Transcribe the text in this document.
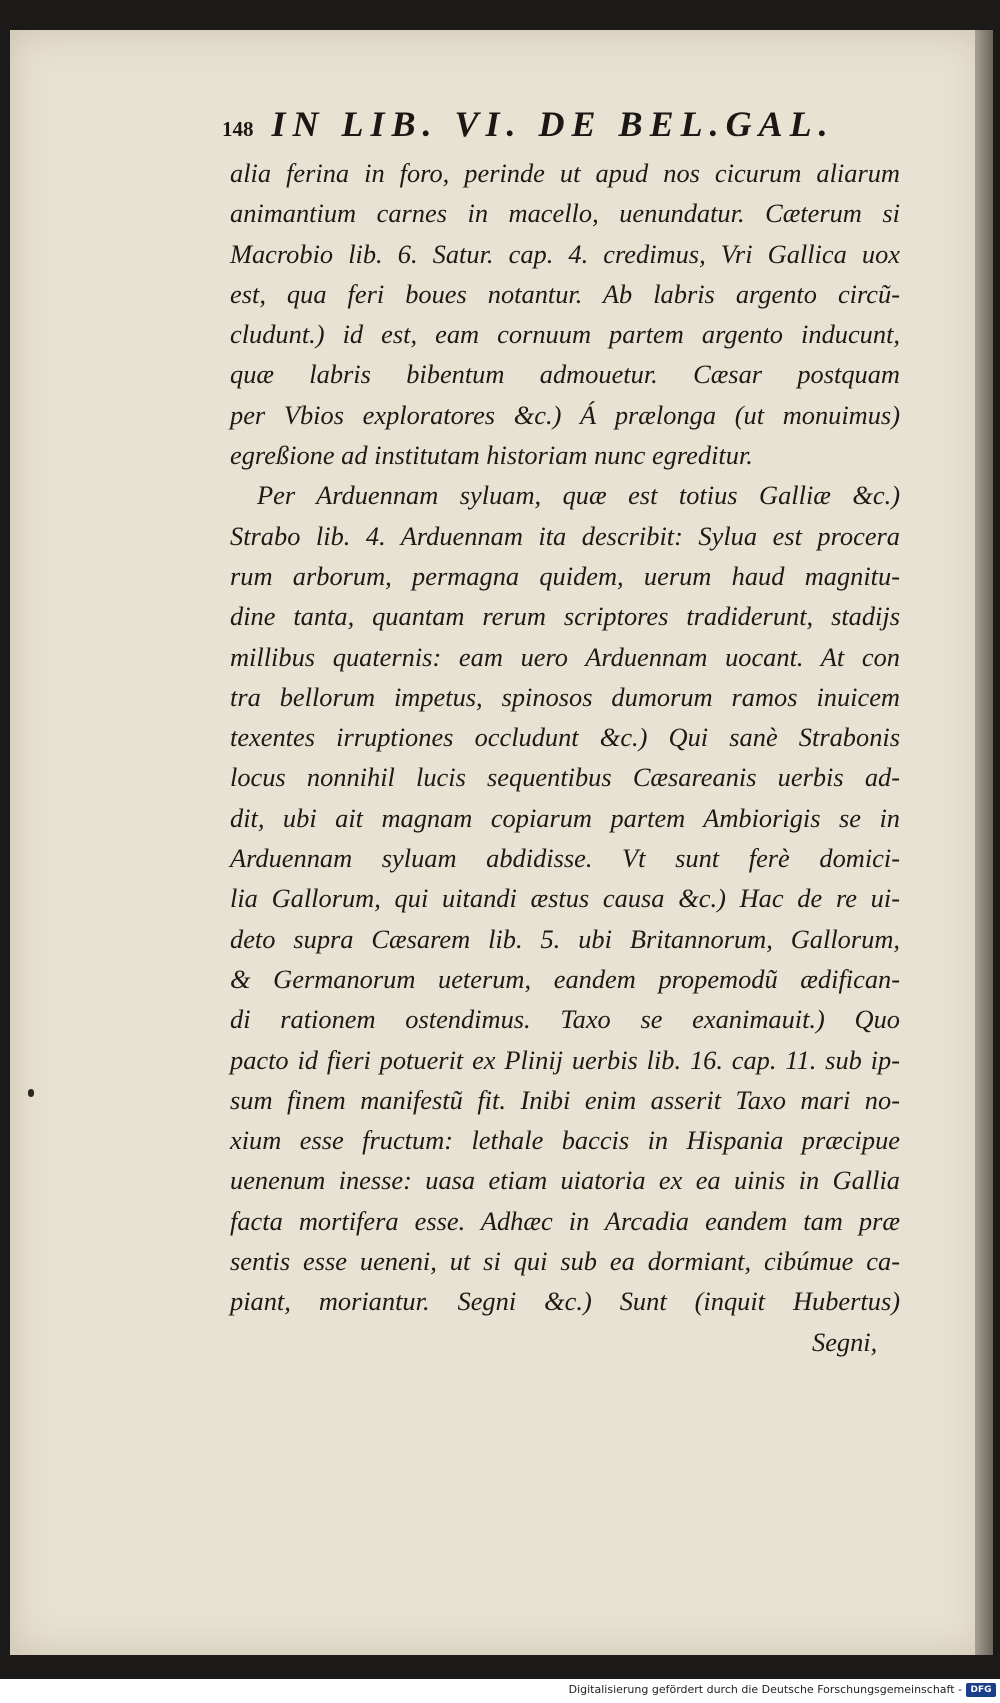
148 IN LIB. VI. DE BEL.GAL.
alia ferina in foro, perinde ut apud nos cicurum aliarum
animantium carnes in macello, uenundatur. Cæterum si
Macrobio lib. 6. Satur. cap. 4. credimus, Vri Gallica uox
est, qua feri boues notantur. Ab labris argento circũ-
cludunt.) id est, eam cornuum partem argento inducunt,
quæ labris bibentum admouetur. Cæsar postquam
per Vbios exploratores &c.) Á prælonga (ut monuimus)
egreßione ad institutam historiam nunc egreditur.
Per Arduennam syluam, quæ est totius Galliæ &c.)
Strabo lib. 4. Arduennam ita describit: Sylua est procera
rum arborum, permagna quidem, uerum haud magnitu-
dine tanta, quantam rerum scriptores tradiderunt, stadijs
millibus quaternis: eam uero Arduennam uocant. At con
tra bellorum impetus, spinosos dumorum ramos inuicem
texentes irruptiones occludunt &c.) Qui sanè Strabonis
locus nonnihil lucis sequentibus Cæsareanis uerbis ad-
dit, ubi ait magnam copiarum partem Ambiorigis se in
Arduennam syluam abdidisse. Vt sunt ferè domici-
lia Gallorum, qui uitandi æstus causa &c.) Hac de re ui-
deto supra Cæsarem lib. 5. ubi Britannorum, Gallorum,
& Germanorum ueterum, eandem propemodũ ædifican-
di rationem ostendimus. Taxo se exanimauit.) Quo
pacto id fieri potuerit ex Plinij uerbis lib. 16. cap. 11. sub ip-
sum finem manifestũ fit. Inibi enim asserit Taxo mari no-
xium esse fructum: lethale baccis in Hispania præcipue
uenenum inesse: uasa etiam uiatoria ex ea uinis in Gallia
facta mortifera esse. Adhæc in Arcadia eandem tam præ
sentis esse ueneni, ut si qui sub ea dormiant, cibúmue ca-
piant, moriantur. Segni &c.) Sunt (inquit Hubertus)
Segni,
Digitalisierung gefördert durch die Deutsche Forschungsgemeinschaft - DFG
